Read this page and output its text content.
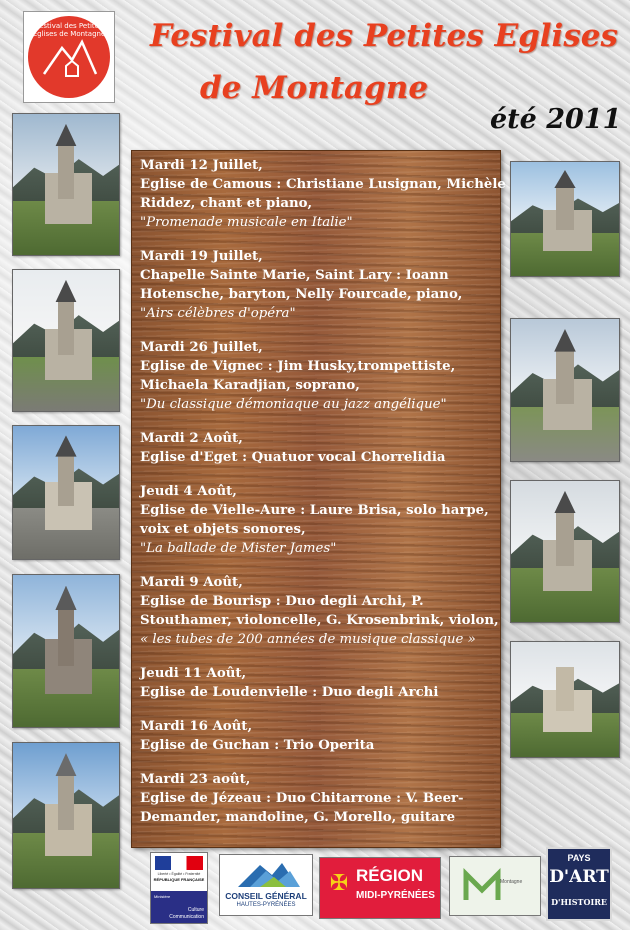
Festival des Petites Eglises de Montagne Festival des Petites Eglises
de Montagne
été 2011
Mardi 12 Juillet,
Eglise de Camous : Christiane Lusignan, Michèle
Riddez, chant et piano,
"Promenade musicale en Italie"
Mardi 19 Juillet,
Chapelle Sainte Marie, Saint Lary : Ioann
Hotensche, baryton, Nelly Fourcade, piano,
"Airs célèbres d'opéra"
Mardi 26 Juillet,
Eglise de Vignec : Jim Husky,trompettiste,
Michaela Karadjian, soprano,
"Du classique démoniaque au jazz angélique"
Mardi 2 Août,
Eglise d'Eget : Quatuor vocal Chorrelidia
Jeudi 4 Août,
Eglise de Vielle-Aure : Laure Brisa, solo harpe,
voix et objets sonores,
"La ballade de Mister James"
Mardi 9 Août,
Eglise de Bourisp : Duo degli Archi, P.
Stouthamer, violoncelle, G. Krosenbrink, violon,
« les tubes de 200 années de musique classique »
Jeudi 11 Août,
Eglise de Loudenvielle : Duo degli Archi
Mardi 16 Août,
Eglise de Guchan : Trio Operita
Mardi 23 août,
Eglise de Jézeau : Duo Chitarrone : V. Beer-
Demander, mandoline, G. Morello, guitare
Liberté • Égalité • Fraternité
RÉPUBLIQUE FRANÇAISE
Ministère
Culture
Communication
CONSEIL GÉNÉRAL
HAUTES-PYRÉNÉES
✠ RÉGION
MIDI-PYRÉNÉES
Montagne
PAYS
D'ART
D'HISTOIRE
